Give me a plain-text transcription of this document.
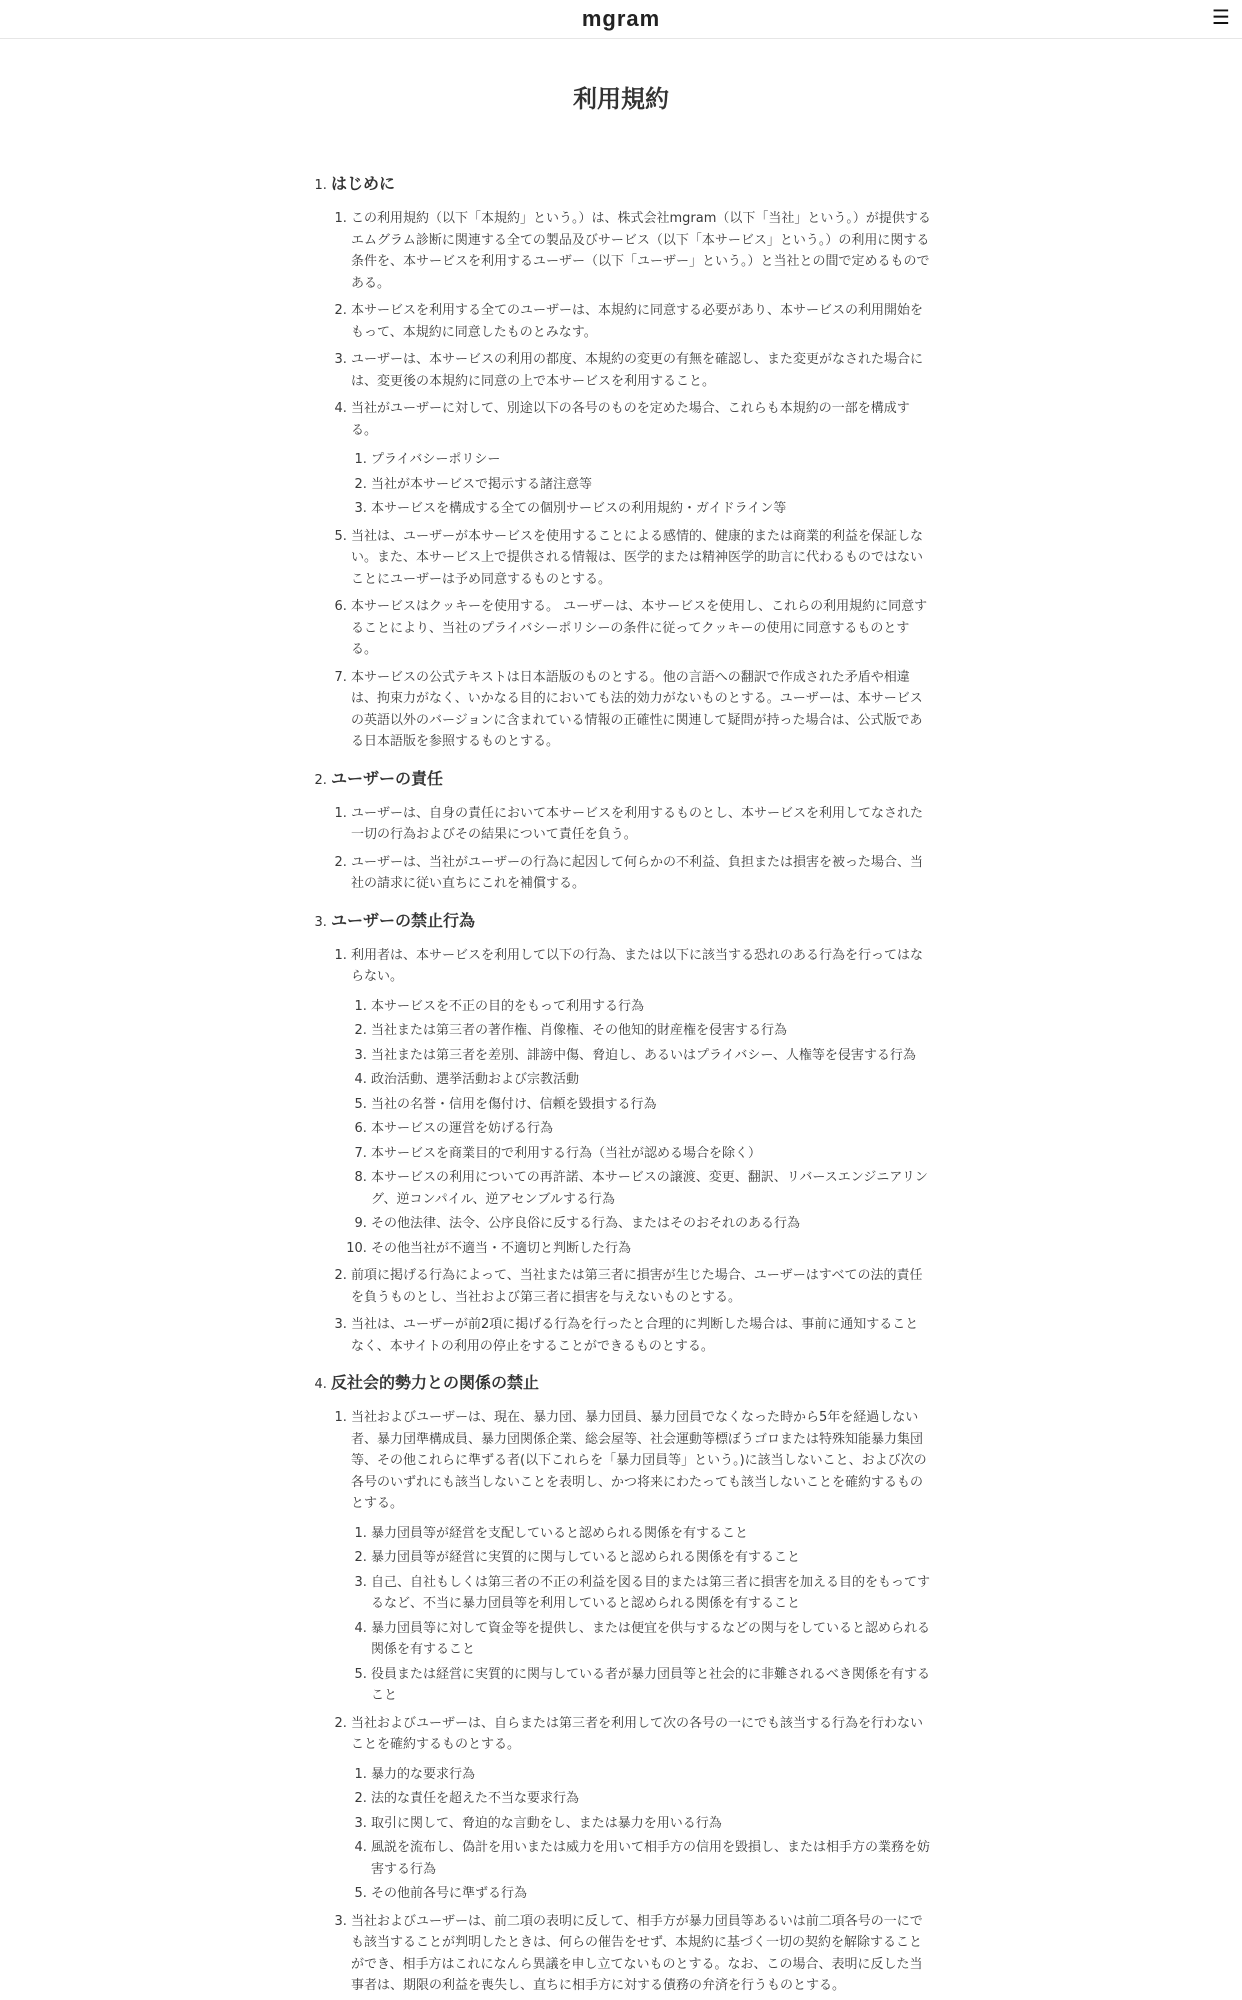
mgram	☰
利用規約
1. はじめに
1. この利用規約（以下「本規約」という。）は、株式会社mgram（以下「当社」という。）が提供するエムグラム診断に関連する全ての製品及びサービス（以下「本サービス」という。）の利用に関する条件を、本サービスを利用するユーザー（以下「ユーザー」という。）と当社との間で定めるものである。
2. 本サービスを利用する全てのユーザーは、本規約に同意する必要があり、本サービスの利用開始をもって、本規約に同意したものとみなす。
3. ユーザーは、本サービスの利用の都度、本規約の変更の有無を確認し、また変更がなされた場合には、変更後の本規約に同意の上で本サービスを利用すること。
4. 当社がユーザーに対して、別途以下の各号のものを定めた場合、これらも本規約の一部を構成する。
1. プライバシーポリシー
2. 当社が本サービスで掲示する諸注意等
3. 本サービスを構成する全ての個別サービスの利用規約・ガイドライン等
5. 当社は、ユーザーが本サービスを使用することによる感情的、健康的または商業的利益を保証しない。また、本サービス上で提供される情報は、医学的または精神医学的助言に代わるものではないことにユーザーは予め同意するものとする。
6. 本サービスはクッキーを使用する。 ユーザーは、本サービスを使用し、これらの利用規約に同意することにより、当社のプライバシーポリシーの条件に従ってクッキーの使用に同意するものとする。
7. 本サービスの公式テキストは日本語版のものとする。他の言語への翻訳で作成された矛盾や相違は、拘束力がなく、いかなる目的においても法的効力がないものとする。ユーザーは、本サービスの英語以外のバージョンに含まれている情報の正確性に関連して疑問が持った場合は、公式版である日本語版を参照するものとする。
2. ユーザーの責任
1. ユーザーは、自身の責任において本サービスを利用するものとし、本サービスを利用してなされた一切の行為およびその結果について責任を負う。
2. ユーザーは、当社がユーザーの行為に起因して何らかの不利益、負担または損害を被った場合、当社の請求に従い直ちにこれを補償する。
3. ユーザーの禁止行為
1. 利用者は、本サービスを利用して以下の行為、または以下に該当する恐れのある行為を行ってはならない。
1. 本サービスを不正の目的をもって利用する行為
2. 当社または第三者の著作権、肖像権、その他知的財産権を侵害する行為
3. 当社または第三者を差別、誹謗中傷、脅迫し、あるいはプライバシー、人権等を侵害する行為
4. 政治活動、選挙活動および宗教活動
5. 当社の名誉・信用を傷付け、信頼を毀損する行為
6. 本サービスの運営を妨げる行為
7. 本サービスを商業目的で利用する行為（当社が認める場合を除く）
8. 本サービスの利用についての再許諾、本サービスの譲渡、変更、翻訳、リバースエンジニアリング、逆コンパイル、逆アセンブルする行為
9. その他法律、法令、公序良俗に反する行為、またはそのおそれのある行為
10. その他当社が不適当・不適切と判断した行為
2. 前項に掲げる行為によって、当社または第三者に損害が生じた場合、ユーザーはすべての法的責任を負うものとし、当社および第三者に損害を与えないものとする。
3. 当社は、ユーザーが前2項に掲げる行為を行ったと合理的に判断した場合は、事前に通知することなく、本サイトの利用の停止をすることができるものとする。
4. 反社会的勢力との関係の禁止
1. 当社およびユーザーは、現在、暴力団、暴力団員、暴力団員でなくなった時から5年を経過しない者、暴力団準構成員、暴力団関係企業、総会屋等、社会運動等標ぼうゴロまたは特殊知能暴力集団等、その他これらに準ずる者(以下これらを「暴力団員等」という。)に該当しないこと、および次の各号のいずれにも該当しないことを表明し、かつ将来にわたっても該当しないことを確約するものとする。
1. 暴力団員等が経営を支配していると認められる関係を有すること
2. 暴力団員等が経営に実質的に関与していると認められる関係を有すること
3. 自己、自社もしくは第三者の不正の利益を図る目的または第三者に損害を加える目的をもってするなど、不当に暴力団員等を利用していると認められる関係を有すること
4. 暴力団員等に対して資金等を提供し、または便宜を供与するなどの関与をしていると認められる関係を有すること
5. 役員または経営に実質的に関与している者が暴力団員等と社会的に非難されるべき関係を有すること
2. 当社およびユーザーは、自らまたは第三者を利用して次の各号の一にでも該当する行為を行わないことを確約するものとする。
1. 暴力的な要求行為
2. 法的な責任を超えた不当な要求行為
3. 取引に関して、脅迫的な言動をし、または暴力を用いる行為
4. 風説を流布し、偽計を用いまたは威力を用いて相手方の信用を毀損し、または相手方の業務を妨害する行為
5. その他前各号に準ずる行為
3. 当社およびユーザーは、前二項の表明に反して、相手方が暴力団員等あるいは前二項各号の一にでも該当することが判明したときは、何らの催告をせず、本規約に基づく一切の契約を解除することができ、相手方はこれになんら異議を申し立てないものとする。なお、この場合、表明に反した当事者は、期限の利益を喪失し、直ちに相手方に対する債務の弁済を行うものとする。
